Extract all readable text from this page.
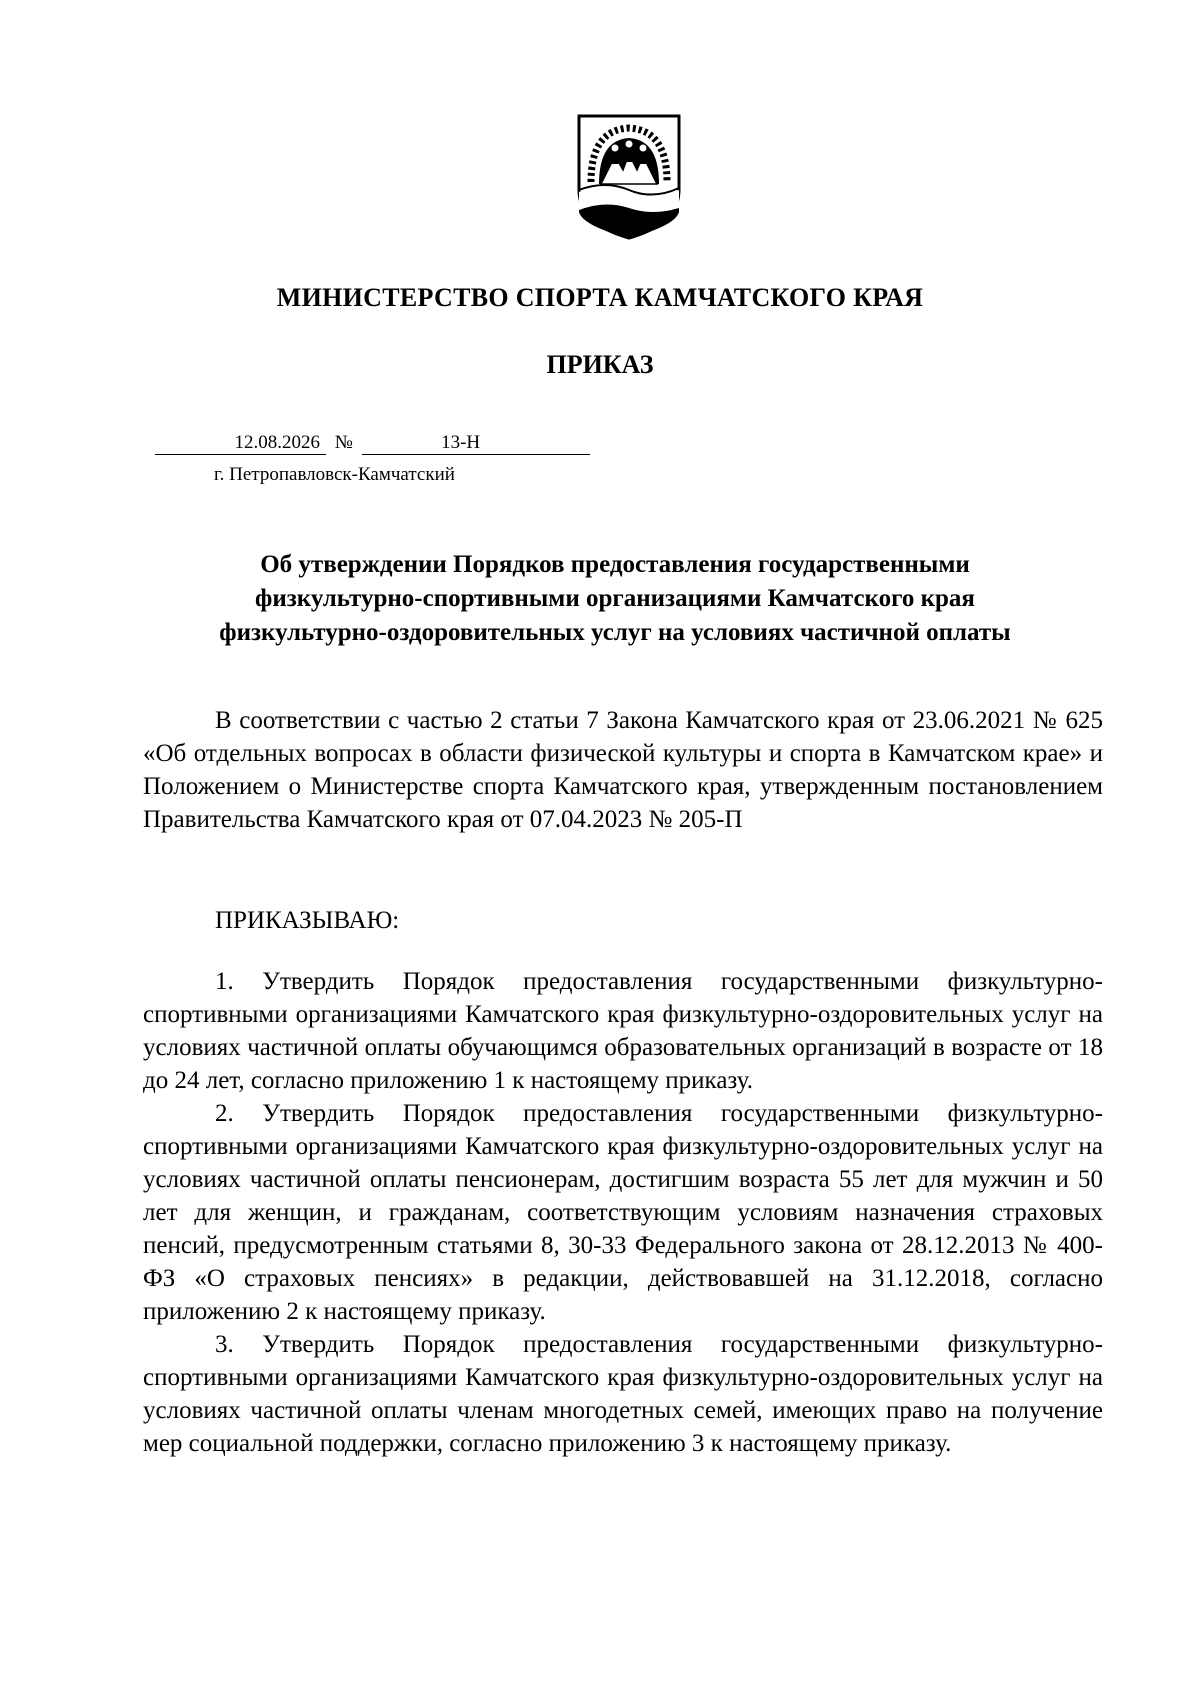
МИНИСТЕРСТВО СПОРТА КАМЧАТСКОГО КРАЯ
ПРИКАЗ
12.08.2026 №	13-Н
г. Петропавловск-Камчатский
Об утверждении Порядков предоставления государственными
физкультурно-спортивными организациями Камчатского края
физкультурно-оздоровительных услуг на условиях частичной оплаты
В соответствии с частью 2 статьи 7 Закона Камчатского края от 23.06.2021 № 625 «Об отдельных вопросах в области физической культуры и спорта в Камчатском крае» и Положением о Министерстве спорта Камчатского края, утвержденным постановлением Правительства Камчатского края от 07.04.2023 № 205-П
ПРИКАЗЫВАЮ:

1. Утвердить Порядок предоставления государственными физкультурно-спортивными организациями Камчатского края физкультурно-оздоровительных услуг на условиях частичной оплаты обучающимся образовательных организаций в возрасте от 18 до 24 лет, согласно приложению 1 к настоящему приказу.

2. Утвердить Порядок предоставления государственными физкультурно-спортивными организациями Камчатского края физкультурно-оздоровительных услуг на условиях частичной оплаты пенсионерам, достигшим возраста 55 лет для мужчин и 50 лет для женщин, и гражданам, соответствующим условиям назначения страховых пенсий, предусмотренным статьями 8, 30-33 Федерального закона от 28.12.2013 № 400-ФЗ «О страховых пенсиях» в редакции, действовавшей на 31.12.2018, согласно приложению 2 к настоящему приказу.

3. Утвердить Порядок предоставления государственными физкультурно-спортивными организациями Камчатского края физкультурно-оздоровительных услуг на условиях частичной оплаты членам многодетных семей, имеющих право на получение мер социальной поддержки, согласно приложению 3 к настоящему приказу.
